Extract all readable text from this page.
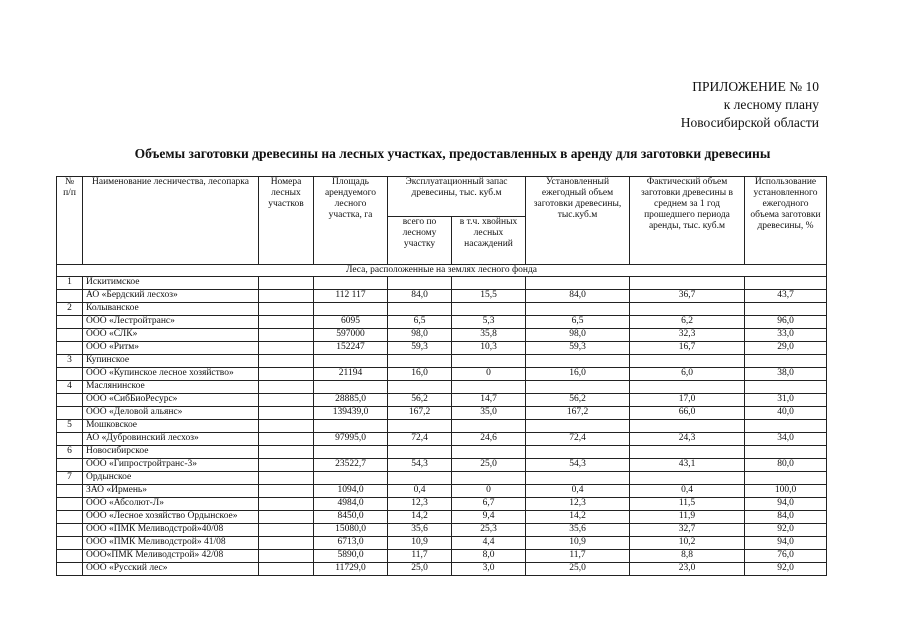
ПРИЛОЖЕНИЕ № 10
к лесному плану
Новосибирской области
Объемы заготовки древесины на лесных участках, предоставленных в аренду для заготовки древесины
№ п/п	Наименование лесничества, лесопарка	Номера лесных участков	Площадь арендуемого лесного участка, га	Эксплуатационный запас древесины, тыс. куб.м		Установленный ежегодный объем заготовки древесины, тыс.куб.м	Фактический объем заготовки древесины в среднем за 1 год прошедшего периода аренды, тыс. куб.м	Использование установленного ежегодного объема заготовки древесины, %
				всего по лесному участку	в т.ч. хвойных лесных насаждений			
Леса, расположенные на землях лесного фонда								
1	Искитимское							
	АО «Бердский лесхоз»		112 117	84,0	15,5	84,0	36,7	43,7
2	Колыванское							
	ООО «Лестройтранс»		6095	6,5	5,3	6,5	6,2	96,0
	ООО «СЛК»		597000	98,0	35,8	98,0	32,3	33,0
	ООО «Ритм»		152247	59,3	10,3	59,3	16,7	29,0
3	Купинское							
	ООО «Купинское лесное хозяйство»		21194	16,0	0	16,0	6,0	38,0
4	Маслянинское							
	ООО «СибБиоРесурс»		28885,0	56,2	14,7	56,2	17,0	31,0
	ООО «Деловой альянс»		139439,0	167,2	35,0	167,2	66,0	40,0
5	Мошковское							
	АО «Дубровинский лесхоз»		97995,0	72,4	24,6	72,4	24,3	34,0
6	Новосибирское							
	ООО «Гипростройтранс-3»		23522,7	54,3	25,0	54,3	43,1	80,0
7	Ордынское							
	ЗАО «Ирмень»		1094,0	0,4	0	0,4	0,4	100,0
	ООО «Абсолют-Л»		4984,0	12,3	6,7	12,3	11,5	94,0
	ООО «Лесное хозяйство Ордынское»		8450,0	14,2	9,4	14,2	11,9	84,0
	ООО «ПМК Меливодстрой»40/08		15080,0	35,6	25,3	35,6	32,7	92,0
	ООО «ПМК Меливодстрой» 41/08		6713,0	10,9	4,4	10,9	10,2	94,0
	ООО«ПМК Меливодстрой» 42/08		5890,0	11,7	8,0	11,7	8,8	76,0
	ООО «Русский лес»		11729,0	25,0	3,0	25,0	23,0	92,0
